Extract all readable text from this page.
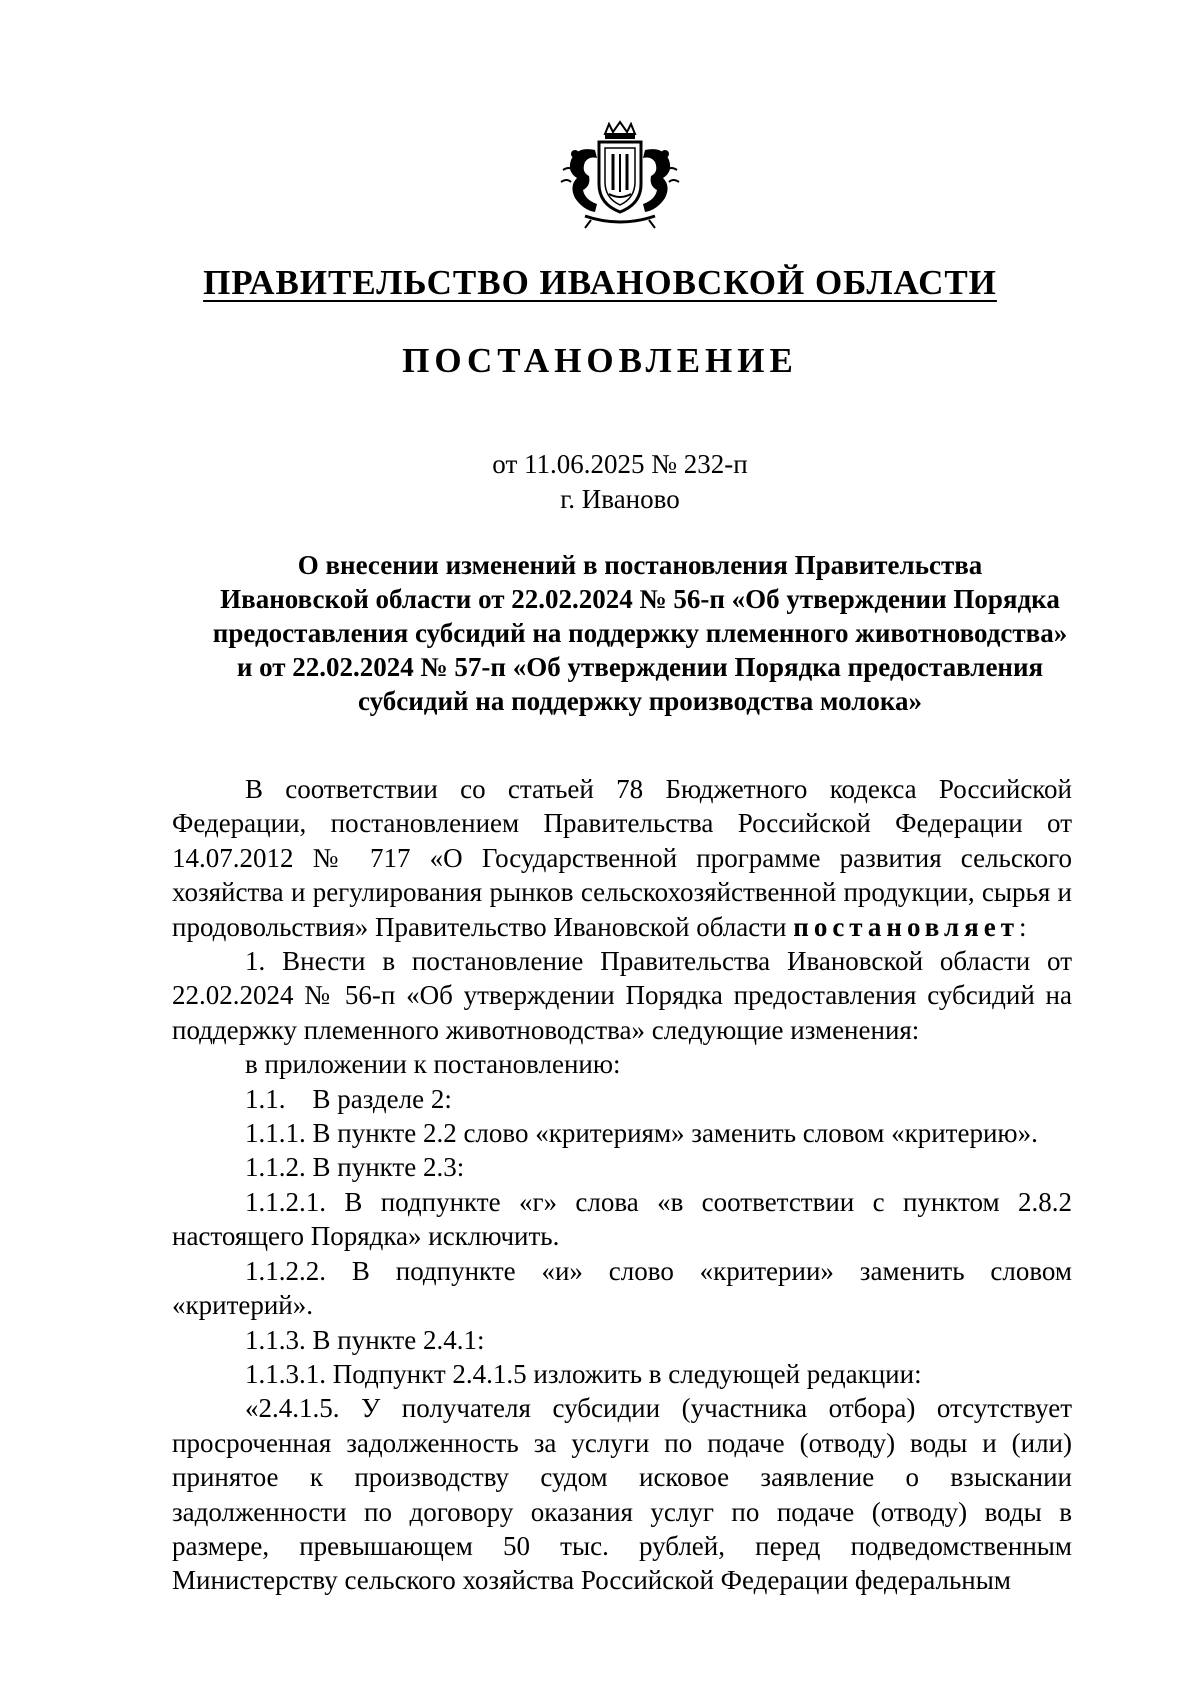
ПРАВИТЕЛЬСТВО ИВАНОВСКОЙ ОБЛАСТИ
ПОСТАНОВЛЕНИЕ
от 11.06.2025 № 232-п
г. Иваново
О внесении изменений в постановления Правительства
Ивановской области от 22.02.2024 № 56-п «Об утверждении Порядка
предоставления субсидий на поддержку племенного животноводства»
и от 22.02.2024 № 57-п «Об утверждении Порядка предоставления
субсидий на поддержку производства молока»

В соответствии со статьей 78 Бюджетного кодекса Российской Федерации, постановлением Правительства Российской Федерации от 14.07.2012 № 717 «О Государственной программе развития сельского хозяйства и регулирования рынков сельскохозяйственной продукции, сырья и продовольствия» Правительство Ивановской области постановляет:

1. Внести в постановление Правительства Ивановской области от 22.02.2024 № 56-п «Об утверждении Порядка предоставления субсидий на поддержку племенного животноводства» следующие изменения:

в приложении к постановлению:

1.1. В разделе 2:

1.1.1. В пункте 2.2 слово «критериям» заменить словом «критерию».

1.1.2. В пункте 2.3:

1.1.2.1. В подпункте «г» слова «в соответствии с пунктом 2.8.2 настоящего Порядка» исключить.

1.1.2.2. В подпункте «и» слово «критерии» заменить словом «критерий».

1.1.3. В пункте 2.4.1:

1.1.3.1. Подпункт 2.4.1.5 изложить в следующей редакции:

«2.4.1.5. У получателя субсидии (участника отбора) отсутствует просроченная задолженность за услуги по подаче (отводу) воды и (или) принятое к производству судом исковое заявление о взыскании задолженности по договору оказания услуг по подаче (отводу) воды в размере, превышающем 50 тыс. рублей, перед подведомственным Министерству сельского хозяйства Российской Федерации федеральным
